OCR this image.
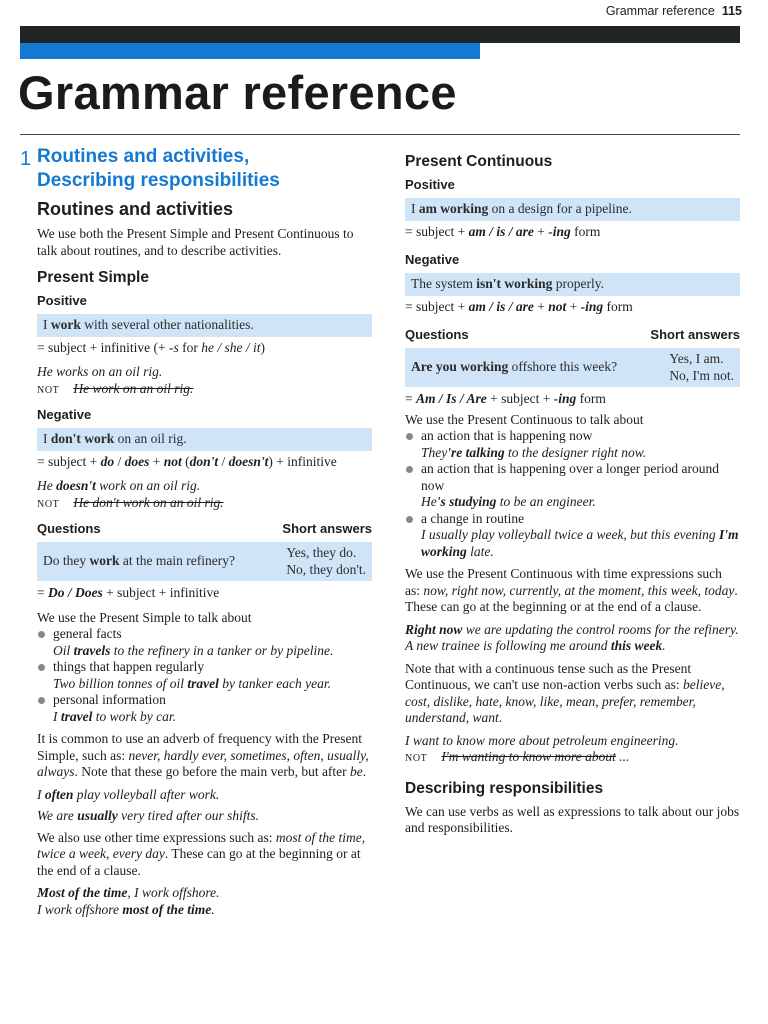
Grammar reference 115
Grammar reference
1 Routines and activities,
Describing responsibilities
Routines and activities

We use both the Present Simple and Present Continuous to talk about routines, and to describe activities.

Present Simple
Positive
I work with several other nationalities.
= subject + infinitive (+ -s for he / she / it)
He works on an oil rig.
NOT He work on an oil rig.
Negative
I don't work on an oil rig.
= subject + do / does + not (don't / doesn't) + infinitive
He doesn't work on an oil rig.
NOT He don't work on an oil rig.
Questions	Short answers
Do they work at the main refinery?
Yes, they do.
No, they don't.
= Do / Does + subject + infinitive

We use the Present Simple to talk about

general facts
Oil travels to the refinery in a tanker or by pipeline.
things that happen regularly
Two billion tonnes of oil travel by tanker each year.
personal information
I travel to work by car.

It is common to use an adverb of frequency with the Present Simple, such as: never, hardly ever, sometimes, often, usually, always. Note that these go before the main verb, but after be.

I often play volleyball after work.
We are usually very tired after our shifts.

We also use other time expressions such as: most of the time, twice a week, every day. These can go at the beginning or at the end of a clause.

Most of the time, I work offshore.
I work offshore most of the time.
Present Continuous
Positive
I am working on a design for a pipeline.
= subject + am / is / are + -ing form
Negative
The system isn't working properly.
= subject + am / is / are + not + -ing form
Questions	Short answers
Are you working offshore this week?
Yes, I am.
No, I'm not.
= Am / Is / Are + subject + -ing form

We use the Present Continuous to talk about

an action that is happening now
They're talking to the designer right now.
an action that is happening over a longer period around now
He's studying to be an engineer.
a change in routine
I usually play volleyball twice a week, but this evening I'm working late.

We use the Present Continuous with time expressions such as: now, right now, currently, at the moment, this week, today. These can go at the beginning or at the end of a clause.

Right now we are updating the control rooms for the refinery.
A new trainee is following me around this week.

Note that with a continuous tense such as the Present Continuous, we can't use non-action verbs such as: believe, cost, dislike, hate, know, like, mean, prefer, remember, understand, want.

I want to know more about petroleum engineering.
NOT I'm wanting to know more about ...
Describing responsibilities

We can use verbs as well as expressions to talk about our jobs and responsibilities.
